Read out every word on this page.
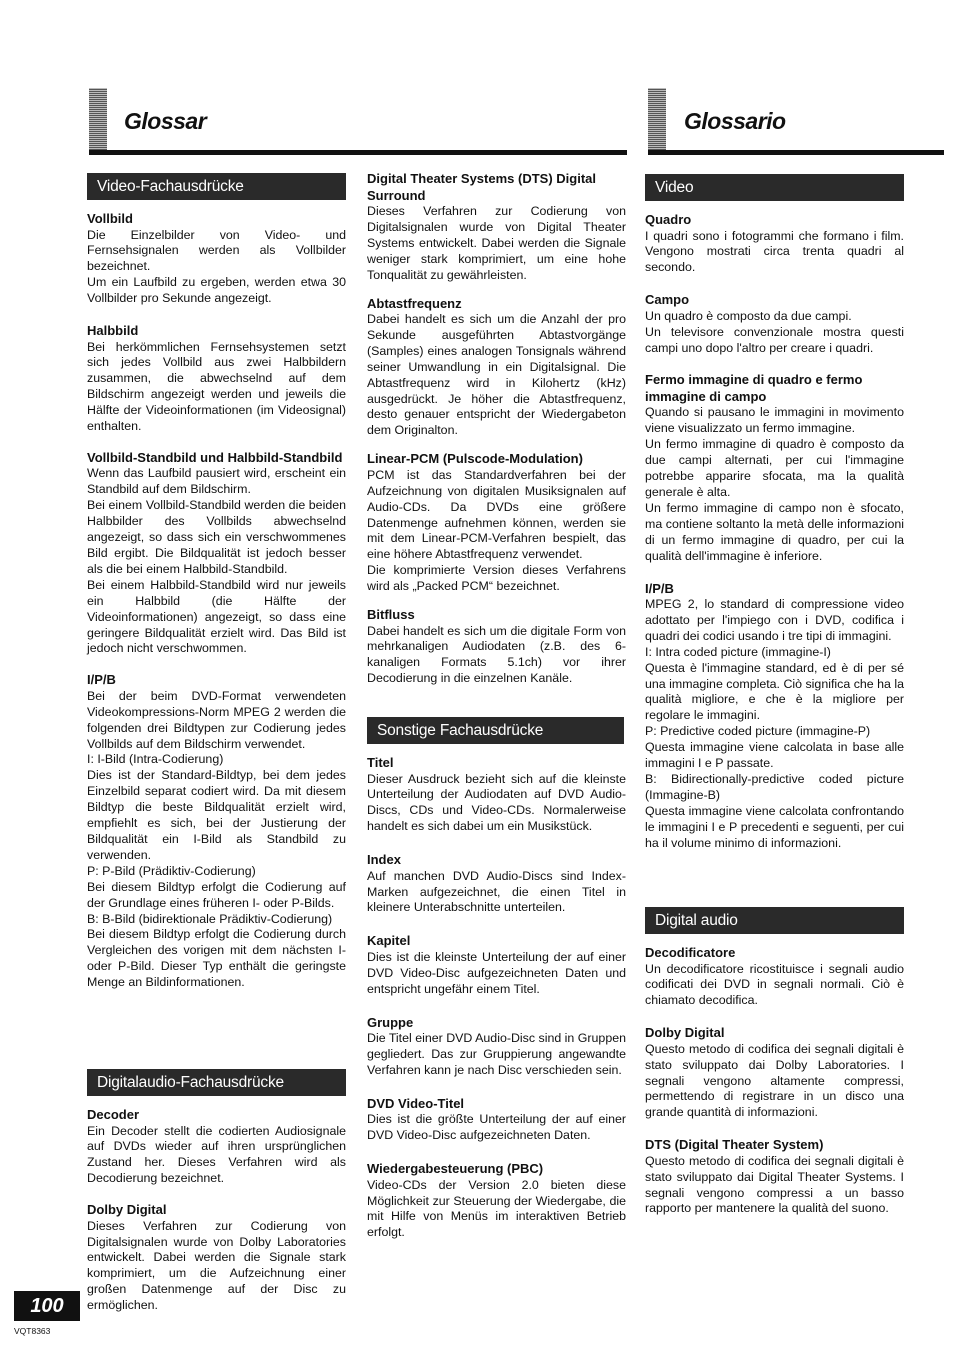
Glossar	Glossario
Video-Fachausdrücke
Digitalaudio-Fachausdrücke
Vollbild

Die Einzelbilder von Video- und Fernsehsignalen werden als Vollbilder bezeichnet.

Um ein Laufbild zu ergeben, werden etwa 30 Vollbilder pro Sekunde angezeigt.

Halbbild

Bei herkömmlichen Fernsehsystemen setzt sich jedes Vollbild aus zwei Halbbildern zusammen, die abwechselnd auf dem Bildschirm angezeigt werden und jeweils die Hälfte der Videoinformationen (im Videosignal) enthalten.

Vollbild-Standbild und Halbbild-Standbild

Wenn das Laufbild pausiert wird, erscheint ein Standbild auf dem Bildschirm.

Bei einem Vollbild-Standbild werden die beiden Halbbilder des Vollbilds abwechselnd angezeigt, so dass sich ein verschwommenes Bild ergibt. Die Bildqualität ist jedoch besser als die bei einem Halbbild-Standbild.

Bei einem Halbbild-Standbild wird nur jeweils ein Halbbild (die Hälfte der Videoinformationen) angezeigt, so dass eine geringere Bildqualität erzielt wird. Das Bild ist jedoch nicht verschwommen.

I/P/B

Bei der beim DVD-Format verwendeten Videokompressions-Norm MPEG 2 werden die folgenden drei Bildtypen zur Codierung jedes Vollbilds auf dem Bildschirm verwendet.

I: I-Bild (Intra-Codierung)

Dies ist der Standard-Bildtyp, bei dem jedes Einzelbild separat codiert wird. Da mit diesem Bildtyp die beste Bildqualität erzielt wird, empfiehlt es sich, bei der Justierung der Bildqualität ein I-Bild als Standbild zu verwenden.

P: P-Bild (Prädiktiv-Codierung)

Bei diesem Bildtyp erfolgt die Codierung auf der Grundlage eines früheren I- oder P-Bilds.

B: B-Bild (bidirektionale Prädiktiv-Codierung)

Bei diesem Bildtyp erfolgt die Codierung durch Vergleichen des vorigen mit dem nächsten I- oder P-Bild. Dieser Typ enthält die geringste Menge an Bildinformationen.

Decoder

Ein Decoder stellt die codierten Audiosignale auf DVDs wieder auf ihren ursprünglichen Zustand her. Dieses Verfahren wird als Decodierung bezeichnet.

Dolby Digital

Dieses Verfahren zur Codierung von Digitalsignalen wurde von Dolby Laboratories entwickelt. Dabei werden die Signale stark komprimiert, um die Aufzeichnung einer großen Datenmenge auf der Disc zu ermöglichen.

Digital Theater Systems (DTS) Digital Surround

Dieses Verfahren zur Codierung von Digitalsignalen wurde von Digital Theater Systems entwickelt. Dabei werden die Signale weniger stark komprimiert, um eine hohe Tonqualität zu gewährleisten.

Abtastfrequenz

Dabei handelt es sich um die Anzahl der pro Sekunde ausgeführten Abtastvorgänge (Samples) eines analogen Tonsignals während seiner Umwandlung in ein Digitalsignal. Die Abtastfrequenz wird in Kilohertz (kHz) ausgedrückt. Je höher die Abtastfrequenz, desto genauer entspricht der Wiedergabeton dem Originalton.

Linear-PCM (Pulscode-Modulation)

PCM ist das Standardverfahren bei der Aufzeichnung von digitalen Musiksignalen auf Audio-CDs. Da DVDs eine größere Datenmenge aufnehmen können, werden sie mit dem Linear-PCM-Verfahren bespielt, das eine höhere Abtastfrequenz verwendet.

Die komprimierte Version dieses Verfahrens wird als „Packed PCM“ bezeichnet.

Bitfluss

Dabei handelt es sich um die digitale Form von mehrkanaligen Audiodaten (z.B. des 6-kanaligen Formats 5.1ch) vor ihrer Decodierung in die einzelnen Kanäle.

Sonstige Fachausdrücke
Titel

Dieser Ausdruck bezieht sich auf die kleinste Unterteilung der Audiodaten auf DVD Audio-Discs, CDs und Video-CDs. Normalerweise handelt es sich dabei um ein Musikstück.

Index

Auf manchen DVD Audio-Discs sind Index-Marken aufgezeichnet, die einen Titel in kleinere Unterabschnitte unterteilen.

Kapitel

Dies ist die kleinste Unterteilung der auf einer DVD Video-Disc aufgezeichneten Daten und entspricht ungefähr einem Titel.

Gruppe

Die Titel einer DVD Audio-Disc sind in Gruppen gegliedert. Das zur Gruppierung angewandte Verfahren kann je nach Disc verschieden sein.

DVD Video-Titel

Dies ist die größte Unterteilung der auf einer DVD Video-Disc aufgezeichneten Daten.

Wiedergabesteuerung (PBC)

Video-CDs der Version 2.0 bieten diese Möglichkeit zur Steuerung der Wiedergabe, die mit Hilfe von Menüs im interaktiven Betrieb erfolgt.

Video
Quadro

I quadri sono i fotogrammi che formano i film. Vengono mostrati circa trenta quadri al secondo.

Campo

Un quadro è composto da due campi.

Un televisore convenzionale mostra questi campi uno dopo l'altro per creare i quadri.

Fermo immagine di quadro e fermo immagine di campo

Quando si pausano le immagini in movimento viene visualizzato un fermo immagine.

Un fermo immagine di quadro è composto da due campi alternati, per cui l'immagine potrebbe apparire sfocata, ma la qualità generale è alta.

Un fermo immagine di campo non è sfocato, ma contiene soltanto la metà delle informazioni di un fermo immagine di quadro, per cui la qualità dell'immagine è inferiore.

I/P/B

MPEG 2, lo standard di compressione video adottato per l'impiego con i DVD, codifica i quadri dei codici usando i tre tipi di immagini.

I: Intra coded picture (immagine-I)

Questa è l'immagine standard, ed è di per sé una immagine completa. Ciò significa che ha la qualità migliore, e che è la migliore per regolare le immagini.

P: Predictive coded picture (immagine-P)

Questa immagine viene calcolata in base alle immagini I e P passate.

B: Bidirectionally-predictive coded picture (Immagine-B)

Questa immagine viene calcolata confrontando le immagini I e P precedenti e seguenti, per cui ha il volume minimo di informazioni.

Digital audio
Decodificatore

Un decodificatore ricostituisce i segnali audio codificati dei DVD in segnali normali. Ciò è chiamato decodifica.

Dolby Digital

Questo metodo di codifica dei segnali digitali è stato sviluppato dai Dolby Laboratories. I segnali vengono altamente compressi, permettendo di registrare in un disco una grande quantità di informazioni.

DTS (Digital Theater System)

Questo metodo di codifica dei segnali digitali è stato sviluppato dai Digital Theater Systems. I segnali vengono compressi a un basso rapporto per mantenere la qualità del suono.

100
VQT8363
